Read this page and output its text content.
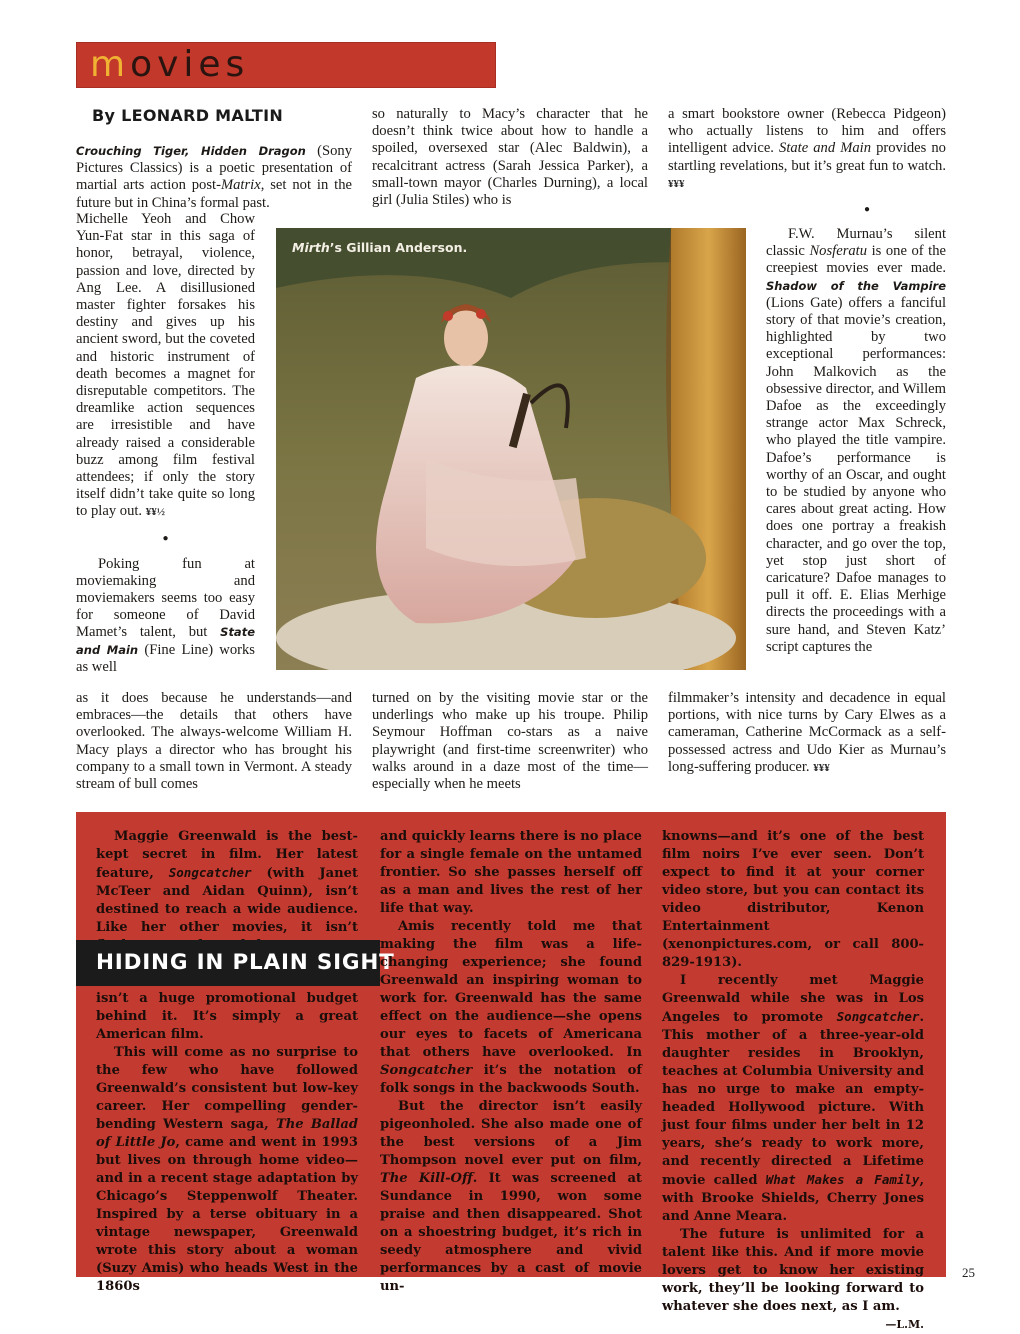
movies
By LEONARD MALTIN

Crouching Tiger, Hidden Dragon (Sony Pictures Classics) is a poetic presentation of martial arts action post-Matrix, set not in the future but in China’s formal past.

Michelle Yeoh and Chow Yun-Fat star in this saga of honor, betrayal, violence, passion and love, directed by Ang Lee. A disillusioned master fighter forsakes his destiny and gives up his ancient sword, but the coveted and historic instrument of death becomes a magnet for disreputable competitors. The dreamlike action sequences are irresistible and have already raised a considerable buzz among film festival attendees; if only the story itself didn’t take quite so long to play out. ¥¥½

●

Poking fun at moviemaking and moviemakers seems too easy for someone of David Mamet’s talent, but State and Main (Fine Line) works as well

as it does because he understands—and embraces—the details that others have overlooked. The always-welcome William H. Macy plays a director who has brought his company to a small town in Vermont. A steady stream of bull comes

so naturally to Macy’s character that he doesn’t think twice about how to handle a spoiled, oversexed star (Alec Baldwin), a recalcitrant actress (Sarah Jessica Parker), a small-town mayor (Charles Durning), a local girl (Julia Stiles) who is

turned on by the visiting movie star or the underlings who make up his troupe. Philip Seymour Hoffman co-stars as a naive playwright (and first-time screenwriter) who walks around in a daze most of the time—especially when he meets

a smart bookstore owner (Rebecca Pidgeon) who actually listens to him and offers intelligent advice. State and Main provides no startling revelations, but it’s great fun to watch. ¥¥¥

●

F.W. Murnau’s silent classic Nosferatu is one of the creepiest movies ever made. Shadow of the Vampire (Lions Gate) offers a fanciful story of that movie’s creation, highlighted by two exceptional performances: John Malkovich as the obsessive director, and Willem Dafoe as the exceedingly strange actor Max Schreck, who played the title vampire. Dafoe’s performance is worthy of an Oscar, and ought to be studied by anyone who cares about great acting. How does one portray a freakish character, and go over the top, yet stop just short of caricature? Dafoe manages to pull it off. E. Elias Merhige directs the proceedings with a sure hand, and Steven Katz’ script captures the

filmmaker’s intensity and decadence in equal portions, with nice turns by Cary Elwes as a cameraman, Catherine McCormack as a self-possessed actress and Udo Kier as Murnau’s long-suffering producer. ¥¥¥

Mirth’s Gillian Anderson.

Maggie Greenwald is the best-kept secret in film. Her latest feature, Songcatcher (with Janet McTeer and Aidan Quinn), isn’t destined to reach a wide audience. Like her other movies, it isn’t

HIDING IN PLAIN SIGHT

isn’t a huge promotional budget behind it. It’s simply a great American film.

This will come as no surprise to the few who have followed Greenwald’s consistent but low-key career. Her compelling gender-bending Western saga, The Ballad of Little Jo, came and went in 1993 but lives on through home video—and in a recent stage adaptation by Chicago’s Steppenwolf Theater. Inspired by a terse obituary in a vintage newspaper, Greenwald wrote this story about a woman (Suzy Amis) who heads West in the 1860s

and quickly learns there is no place for a single female on the untamed frontier. So she passes herself off as a man and lives the rest of her life that way.

Amis recently told me that making the film was a life-changing experience; she found Greenwald an inspiring woman to work for. Greenwald has the same effect on the audience—she opens our eyes to facets of Americana that others have overlooked. In Songcatcher it’s the notation of folk songs in the backwoods South.

But the director isn’t easily pigeonholed. She also made one of the best versions of a Jim Thompson novel ever put on film, The Kill-Off. It was screened at Sundance in 1990, won some praise and then disappeared. Shot on a shoestring budget, it’s rich in seedy atmosphere and vivid performances by a cast of movie un-

knowns—and it’s one of the best film noirs I’ve ever seen. Don’t expect to find it at your corner video store, but you can contact its video distributor, Kenon Entertainment (xenonpictures.com, or call 800-829-1913).

I recently met Maggie Greenwald while she was in Los Angeles to promote Songcatcher. This mother of a three-year-old daughter resides in Brooklyn, teaches at Columbia University and has no urge to make an empty-headed Hollywood picture. With just four films under her belt in 12 years, she’s ready to work more, and recently directed a Lifetime movie called What Makes a Family, with Brooke Shields, Cherry Jones and Anne Meara.

The future is unlimited for a talent like this. And if more movie lovers get to know her existing work, they’ll be looking forward to whatever she does next, as I am.

—L.M.

25
